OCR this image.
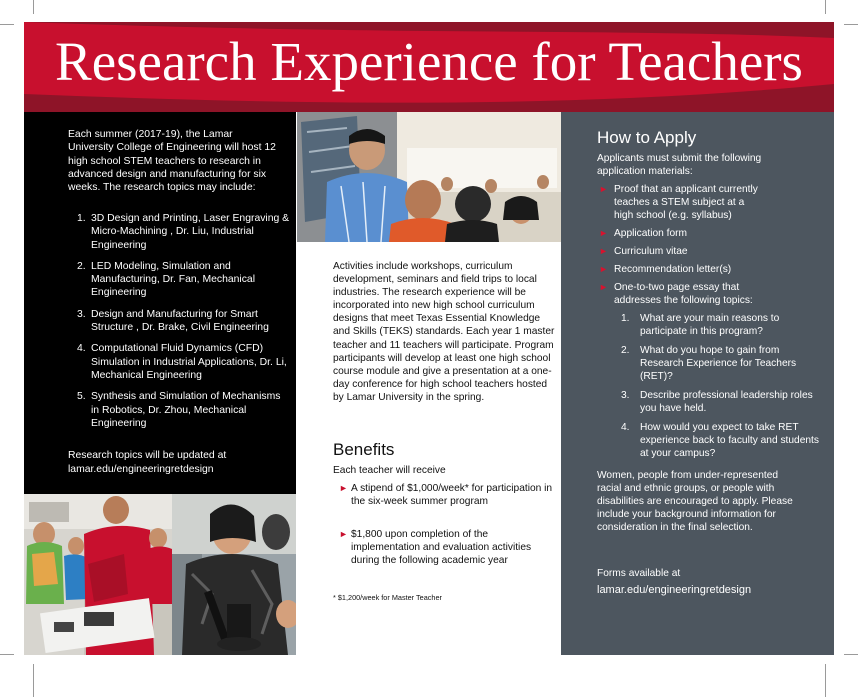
Research Experience for Teachers
Each summer (2017-19), the Lamar University College of Engineering will host 12 high school STEM teachers to research in advanced design and manufacturing for six weeks. The research topics may include:
1. 3D Design and Printing, Laser Engraving & Micro-Machining , Dr. Liu, Industrial Engineering
2. LED Modeling, Simulation and Manufacturing, Dr. Fan, Mechanical Engineering
3. Design and Manufacturing for Smart Structure , Dr. Brake, Civil Engineering
4. Computational Fluid Dynamics (CFD) Simulation in Industrial Applications, Dr. Li, Mechanical Engineering
5. Synthesis and Simulation of Mechanisms in Robotics, Dr. Zhou, Mechanical Engineering
Research topics will be updated at
lamar.edu/engineeringretdesign
Activities include workshops, curriculum development, seminars and field trips to local industries. The research experience will be incorporated into new high school curriculum designs that meet Texas Essential Knowledge and Skills (TEKS) standards. Each year 1 master teacher and 11 teachers will participate. Program participants will develop at least one high school course module and give a presentation at a one-day conference for high school teachers hosted by Lamar University in the spring.
Benefits
Each teacher will receive
► A stipend of $1,000/week* for participation in the six-week summer program
► $1,800 upon completion of the implementation and evaluation activities during the following academic year
* $1,200/week for Master Teacher
How to Apply
Applicants must submit the following application materials:
► Proof that an applicant currently teaches a STEM subject at a high school (e.g. syllabus)
► Application form
► Curriculum vitae
► Recommendation letter(s)
► One-to-two page essay that addresses the following topics:
1. What are your main reasons to participate in this program?
2. What do you hope to gain from Research Experience for Teachers (RET)?
3. Describe professional leadership roles you have held.
4. How would you expect to take RET experience back to faculty and students at your campus?
Women, people from under-represented racial and ethnic groups, or people with disabilities are encouraged to apply. Please include your background information for consideration in the final selection.
Forms available at
lamar.edu/engineeringretdesign
